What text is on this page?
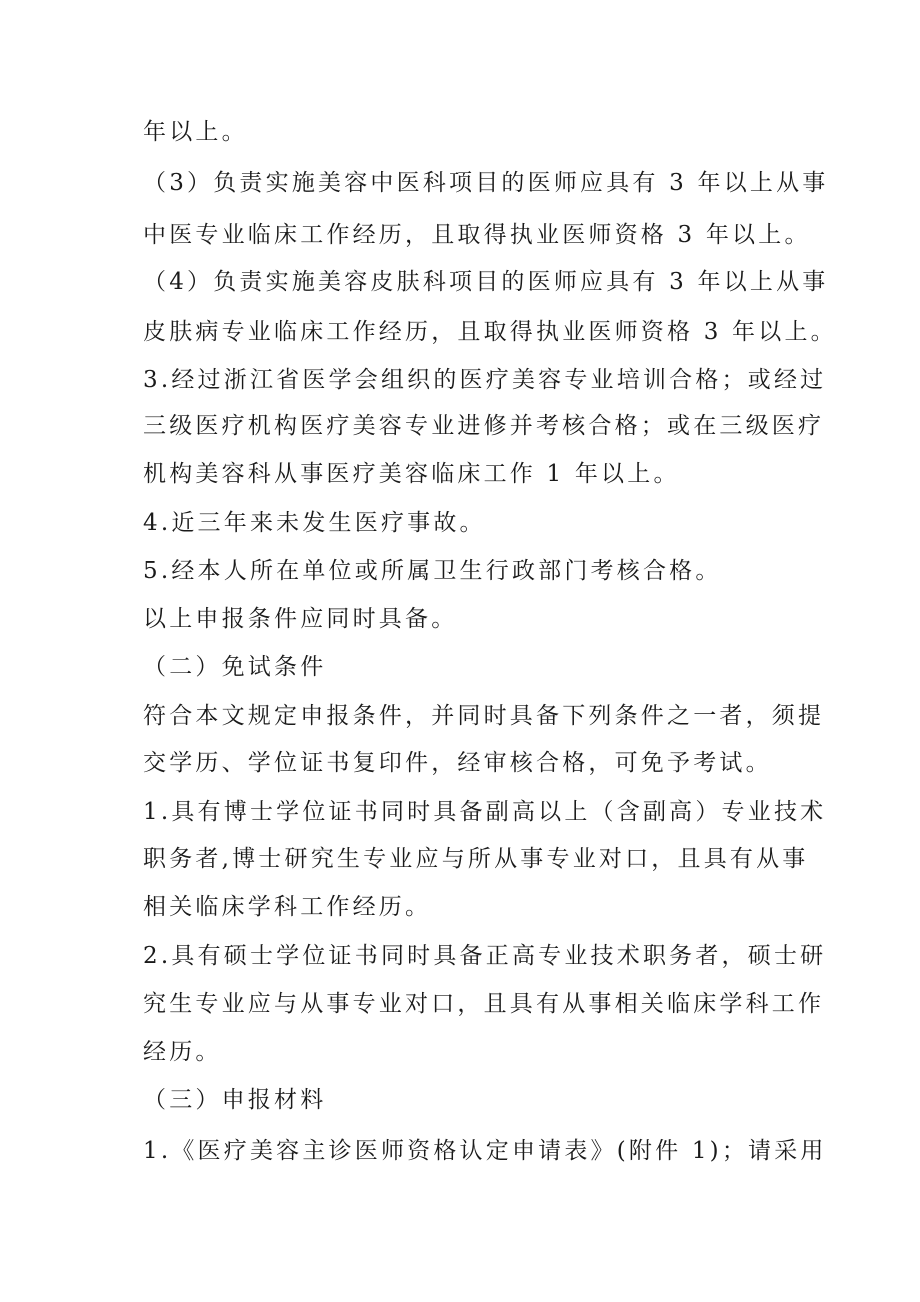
年以上。

（3）负责实施美容中医科项目的医师应具有 3 年以上从事

中医专业临床工作经历，且取得执业医师资格 3 年以上。

（4）负责实施美容皮肤科项目的医师应具有 3 年以上从事

皮肤病专业临床工作经历，且取得执业医师资格 3 年以上。

3.经过浙江省医学会组织的医疗美容专业培训合格；或经过

三级医疗机构医疗美容专业进修并考核合格；或在三级医疗

机构美容科从事医疗美容临床工作 1 年以上。

4.近三年来未发生医疗事故。

5.经本人所在单位或所属卫生行政部门考核合格。

以上申报条件应同时具备。

（二）免试条件

符合本文规定申报条件，并同时具备下列条件之一者，须提

交学历、学位证书复印件，经审核合格，可免予考试。

1.具有博士学位证书同时具备副高以上（含副高）专业技术

职务者,博士研究生专业应与所从事专业对口，且具有从事

相关临床学科工作经历。

2.具有硕士学位证书同时具备正高专业技术职务者，硕士研

究生专业应与从事专业对口，且具有从事相关临床学科工作

经历。

（三）申报材料

1.《医疗美容主诊医师资格认定申请表》(附件 1)；请采用
